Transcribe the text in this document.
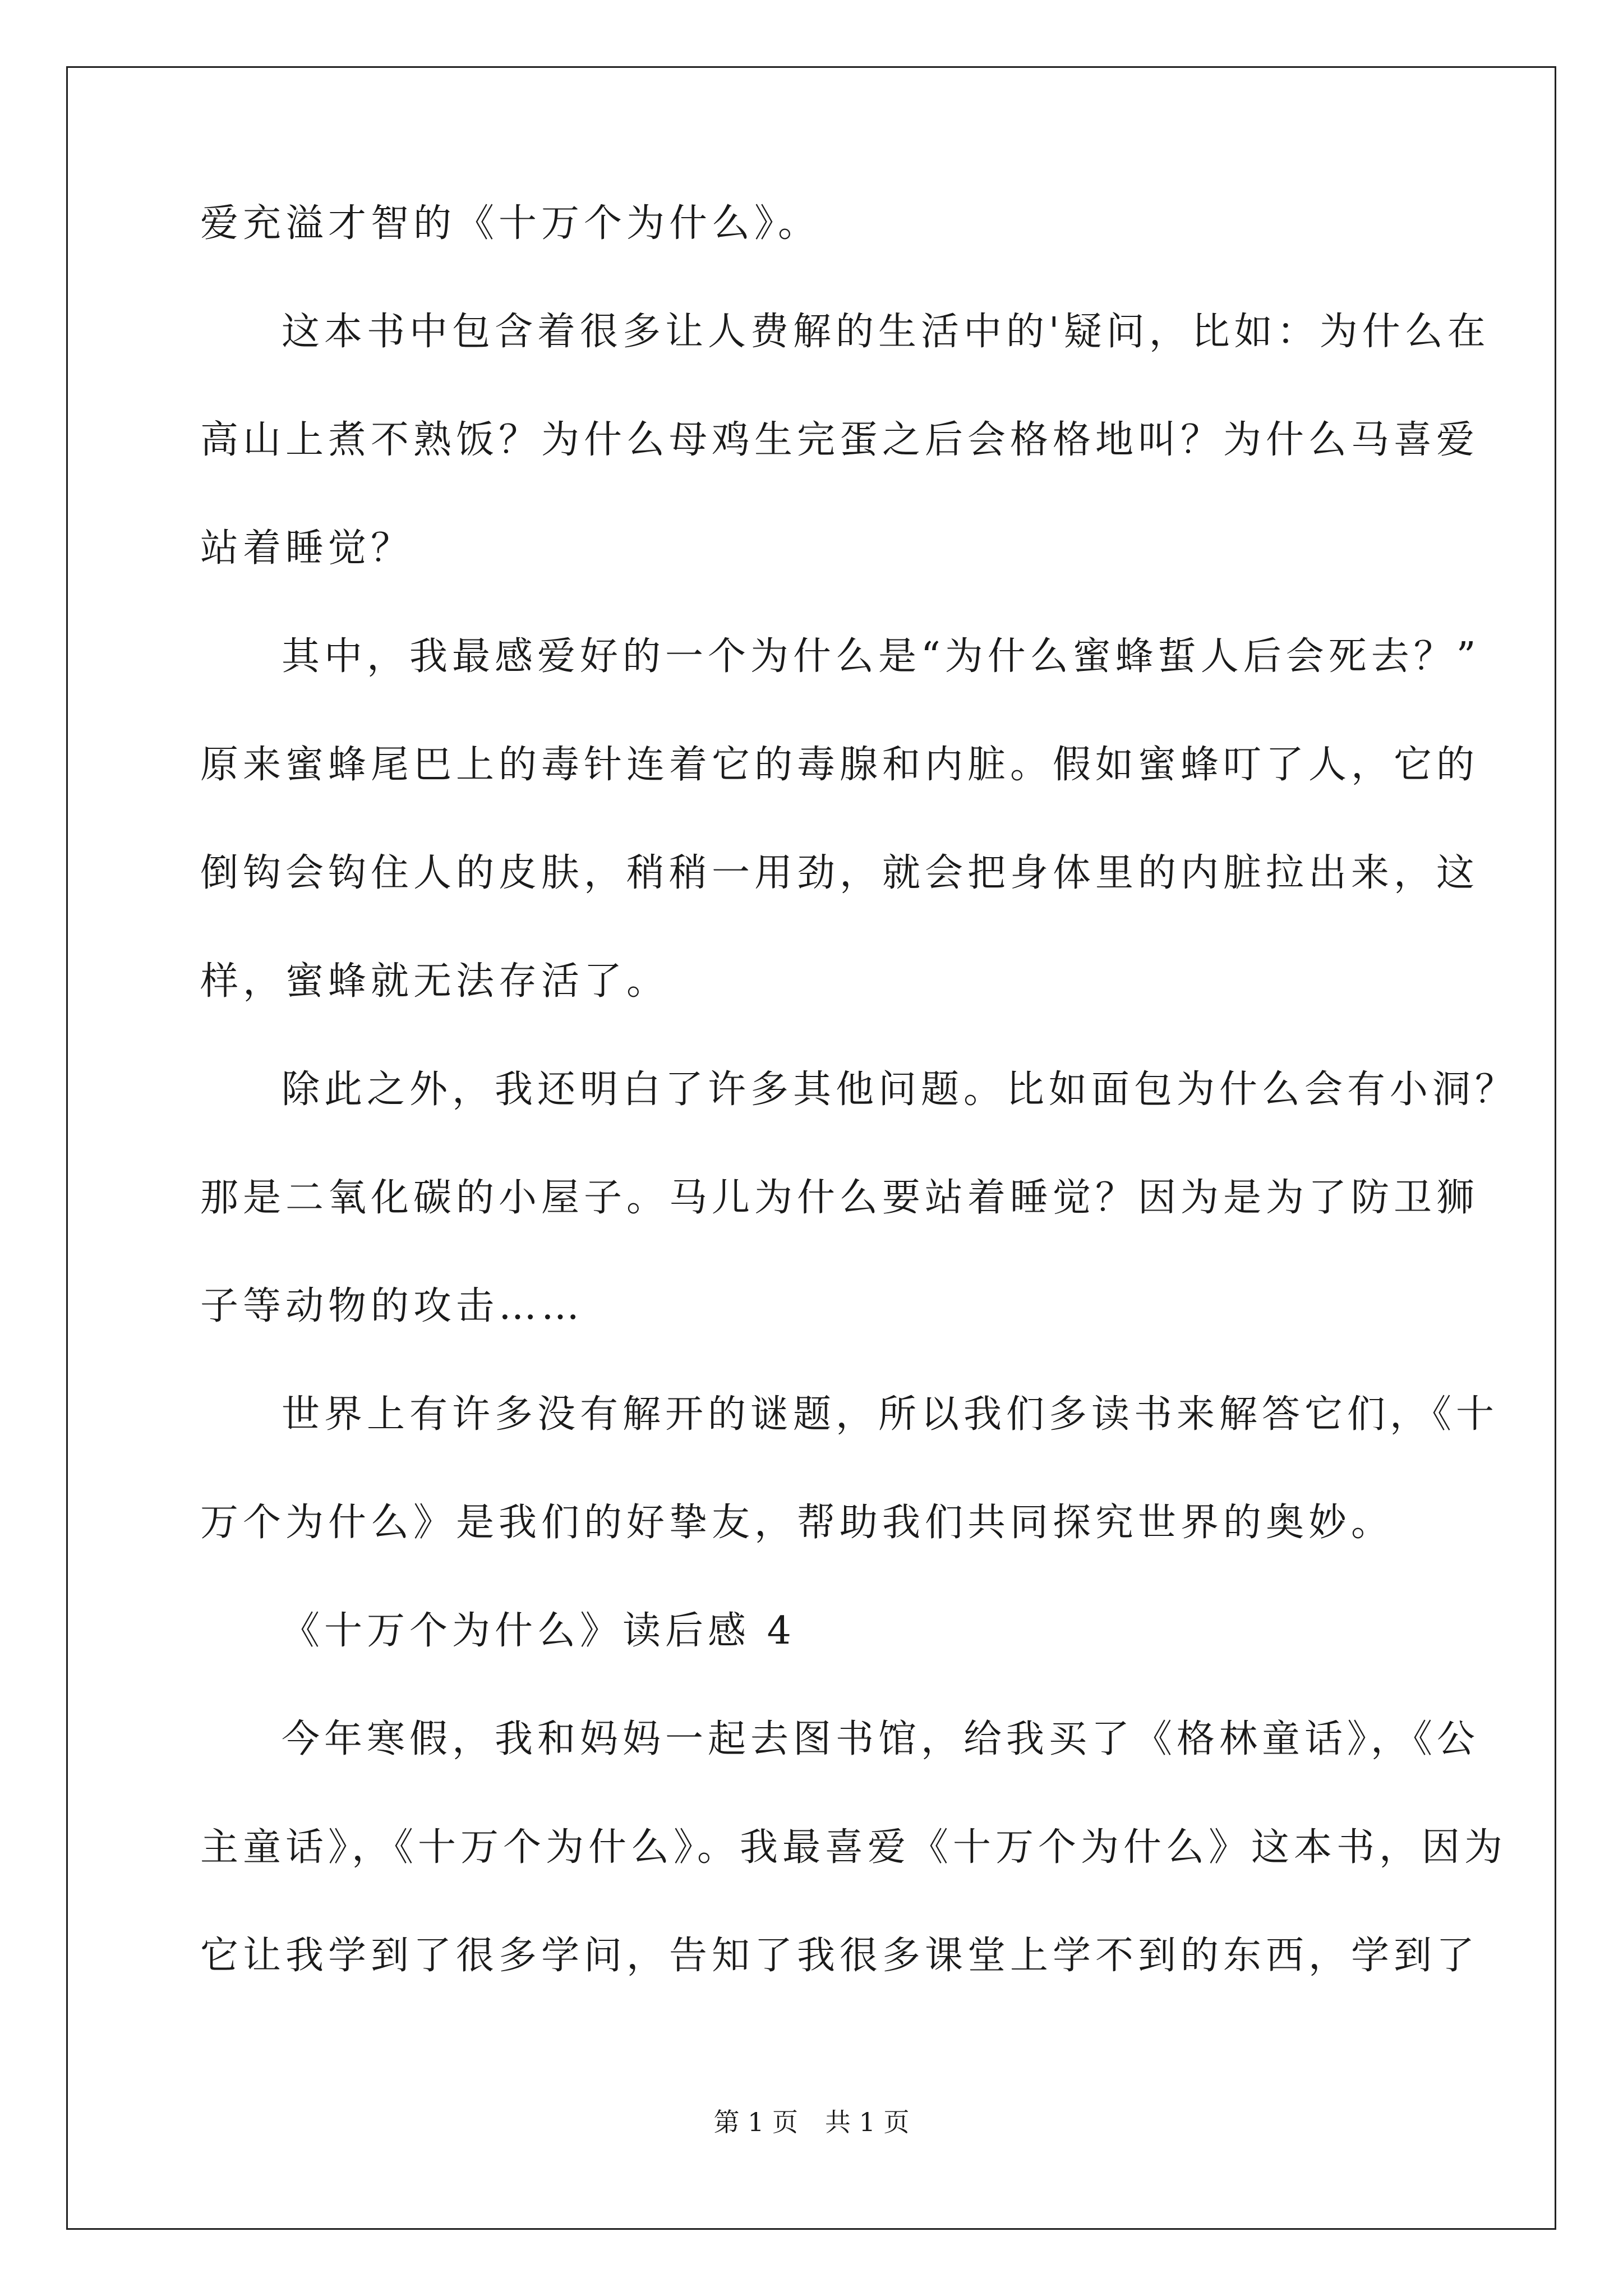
爱充溢才智的《十万个为什么》。
这本书中包含着很多让人费解的生活中的'疑问，比如：为什么在
高山上煮不熟饭？为什么母鸡生完蛋之后会格格地叫？为什么马喜爱
站着睡觉？
其中，我最感爱好的一个为什么是“为什么蜜蜂蜇人后会死去？”
原来蜜蜂尾巴上的毒针连着它的毒腺和内脏。假如蜜蜂叮了人，它的
倒钩会钩住人的皮肤，稍稍一用劲，就会把身体里的内脏拉出来，这
样，蜜蜂就无法存活了。
除此之外，我还明白了许多其他问题。比如面包为什么会有小洞？
那是二氧化碳的小屋子。马儿为什么要站着睡觉？因为是为了防卫狮
子等动物的攻击……
世界上有许多没有解开的谜题，所以我们多读书来解答它们，《十
万个为什么》是我们的好挚友，帮助我们共同探究世界的奥妙。
《十万个为什么》读后感 4
今年寒假，我和妈妈一起去图书馆，给我买了《格林童话》，《公
主童话》，《十万个为什么》。我最喜爱《十万个为什么》这本书，因为
它让我学到了很多学问，告知了我很多课堂上学不到的东西，学到了
第 1 页 共 1 页
